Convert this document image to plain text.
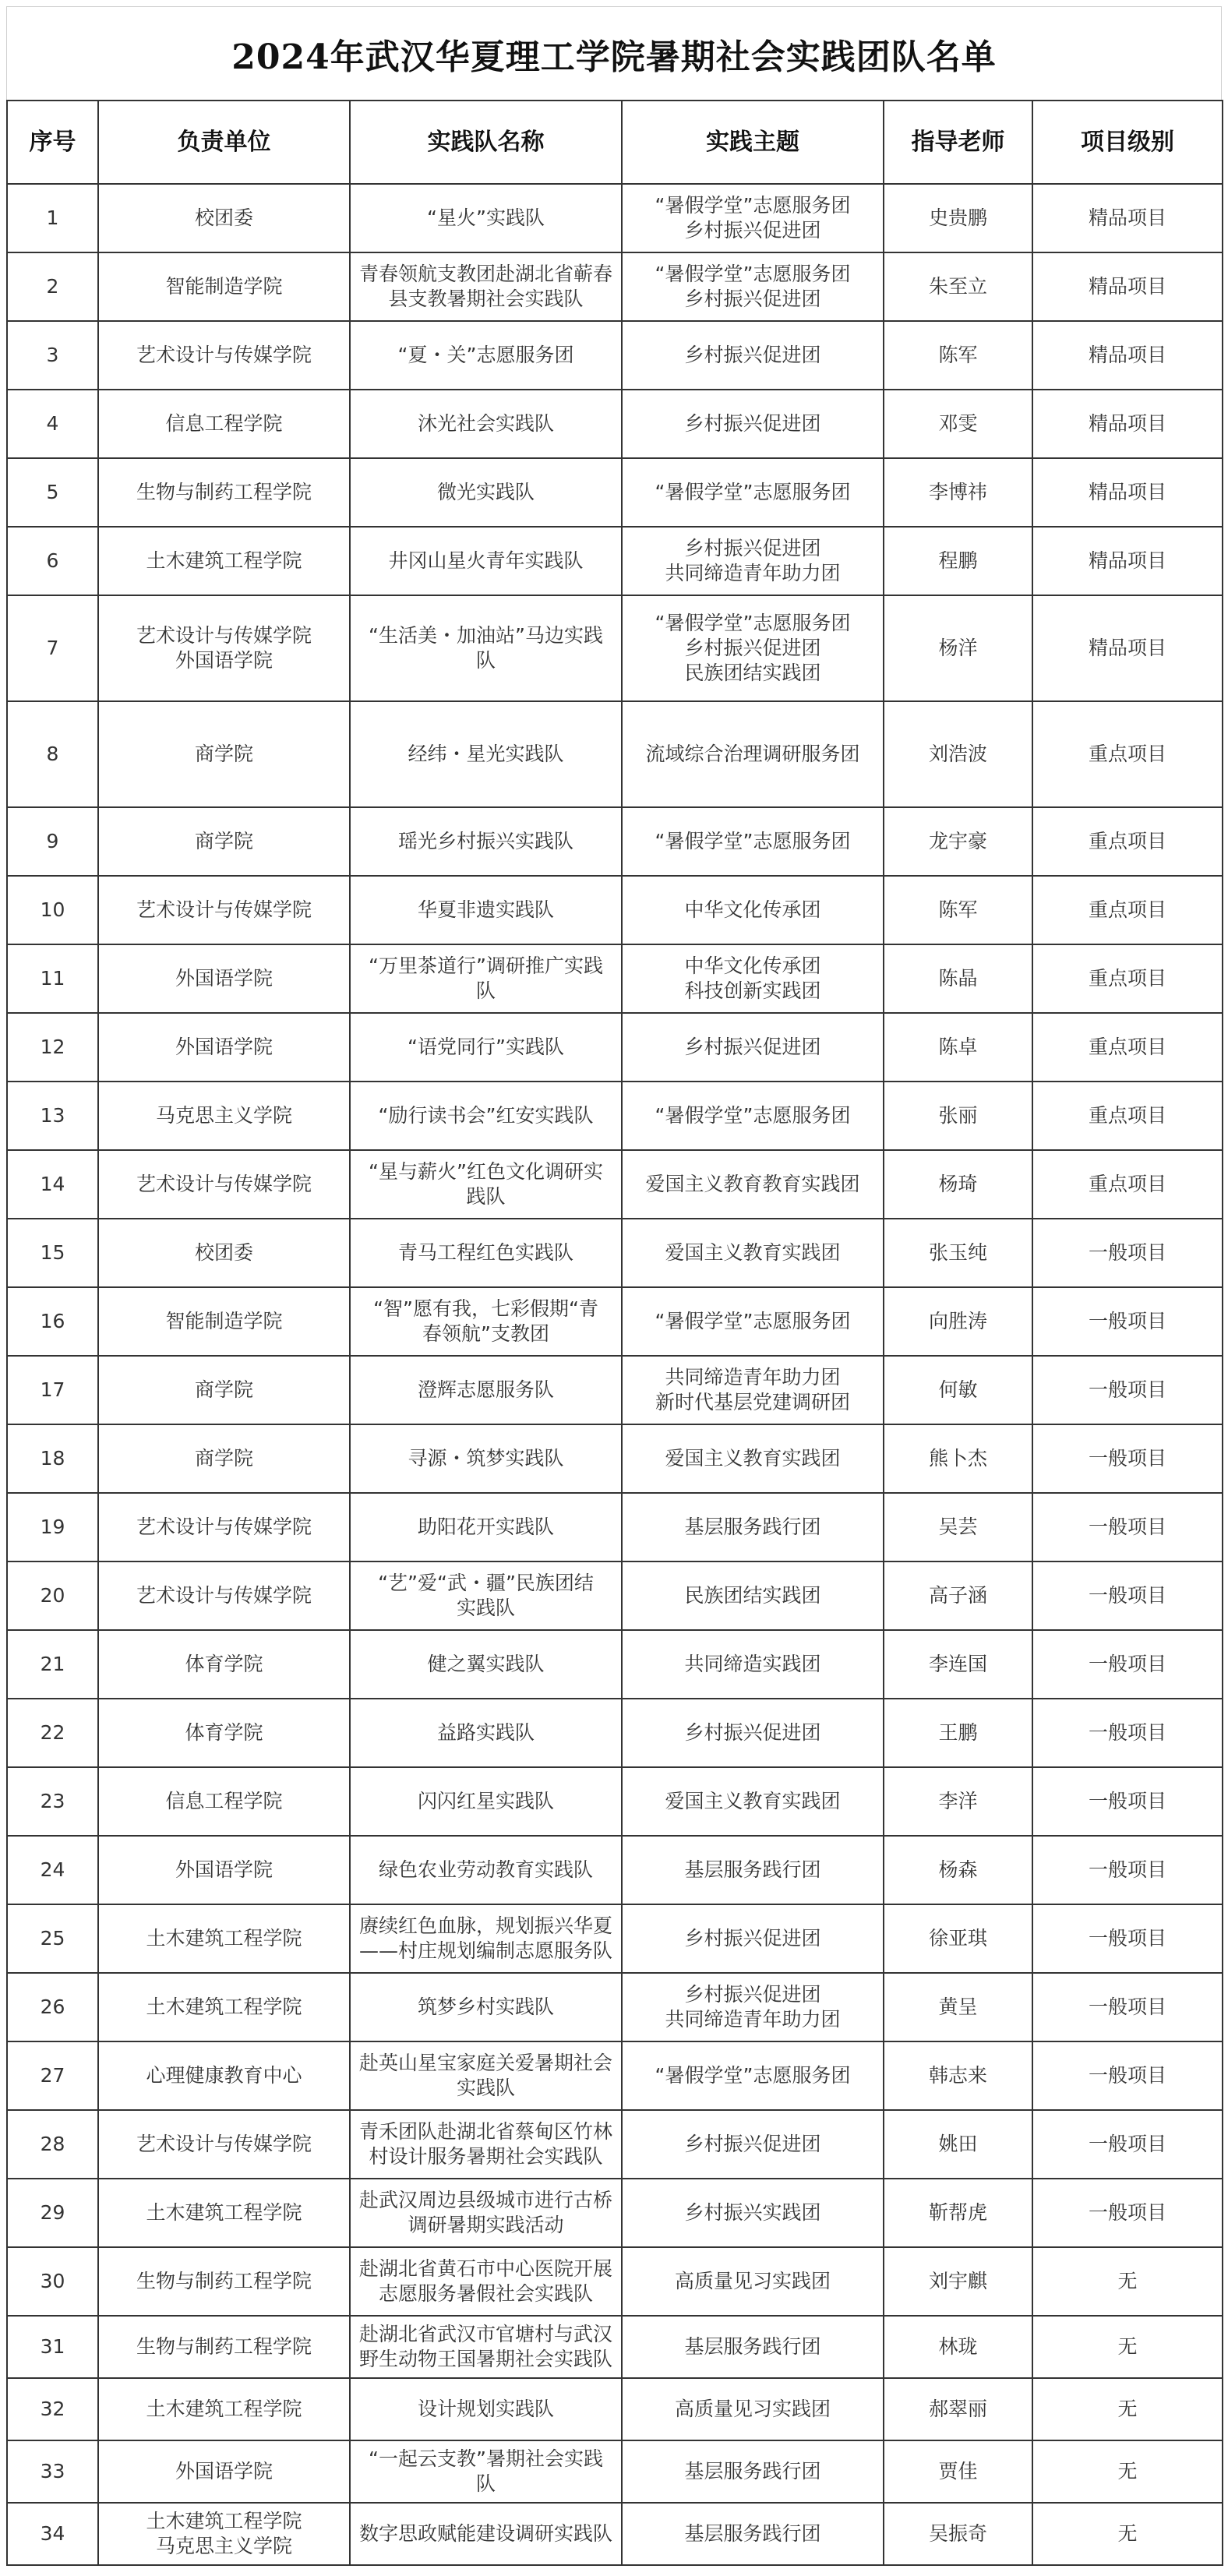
2024年武汉华夏理工学院暑期社会实践团队名单
序号	负责单位	实践队名称	实践主题	指导老师	项目级别
1	校团委	“星火”实践队	“暑假学堂”志愿服务团
乡村振兴促进团	史贵鹏	精品项目
2	智能制造学院	青春领航支教团赴湖北省蕲春
县支教暑期社会实践队	“暑假学堂”志愿服务团
乡村振兴促进团	朱至立	精品项目
3	艺术设计与传媒学院	“夏・关”志愿服务团	乡村振兴促进团	陈军	精品项目
4	信息工程学院	沐光社会实践队	乡村振兴促进团	邓雯	精品项目
5	生物与制药工程学院	微光实践队	“暑假学堂”志愿服务团	李博祎	精品项目
6	土木建筑工程学院	井冈山星火青年实践队	乡村振兴促进团
共同缔造青年助力团	程鹏	精品项目
7	艺术设计与传媒学院
外国语学院	“生活美・加油站”马边实践
队	“暑假学堂”志愿服务团
乡村振兴促进团
民族团结实践团	杨洋	精品项目
8	商学院	经纬・星光实践队	流域综合治理调研服务团	刘浩波	重点项目
9	商学院	瑶光乡村振兴实践队	“暑假学堂”志愿服务团	龙宇豪	重点项目
10	艺术设计与传媒学院	华夏非遗实践队	中华文化传承团	陈军	重点项目
11	外国语学院	“万里茶道行”调研推广实践
队	中华文化传承团
科技创新实践团	陈晶	重点项目
12	外国语学院	“语党同行”实践队	乡村振兴促进团	陈卓	重点项目
13	马克思主义学院	“励行读书会”红安实践队	“暑假学堂”志愿服务团	张丽	重点项目
14	艺术设计与传媒学院	“星与薪火”红色文化调研实
践队	爱国主义教育教育实践团	杨琦	重点项目
15	校团委	青马工程红色实践队	爱国主义教育实践团	张玉纯	一般项目
16	智能制造学院	“智”愿有我，七彩假期“青
春领航”支教团	“暑假学堂”志愿服务团	向胜涛	一般项目
17	商学院	澄辉志愿服务队	共同缔造青年助力团
新时代基层党建调研团	何敏	一般项目
18	商学院	寻源・筑梦实践队	爱国主义教育实践团	熊卜杰	一般项目
19	艺术设计与传媒学院	助阳花开实践队	基层服务践行团	吴芸	一般项目
20	艺术设计与传媒学院	“艺”爱“武・疆”民族团结
实践队	民族团结实践团	高子涵	一般项目
21	体育学院	健之翼实践队	共同缔造实践团	李连国	一般项目
22	体育学院	益路实践队	乡村振兴促进团	王鹏	一般项目
23	信息工程学院	闪闪红星实践队	爱国主义教育实践团	李洋	一般项目
24	外国语学院	绿色农业劳动教育实践队	基层服务践行团	杨森	一般项目
25	土木建筑工程学院	赓续红色血脉，规划振兴华夏
——村庄规划编制志愿服务队	乡村振兴促进团	徐亚琪	一般项目
26	土木建筑工程学院	筑梦乡村实践队	乡村振兴促进团
共同缔造青年助力团	黄呈	一般项目
27	心理健康教育中心	赴英山星宝家庭关爱暑期社会
实践队	“暑假学堂”志愿服务团	韩志来	一般项目
28	艺术设计与传媒学院	青禾团队赴湖北省蔡甸区竹林
村设计服务暑期社会实践队	乡村振兴促进团	姚田	一般项目
29	土木建筑工程学院	赴武汉周边县级城市进行古桥
调研暑期实践活动	乡村振兴实践团	靳帮虎	一般项目
30	生物与制药工程学院	赴湖北省黄石市中心医院开展
志愿服务暑假社会实践队	高质量见习实践团	刘宇麒	无
31	生物与制药工程学院	赴湖北省武汉市官塘村与武汉
野生动物王国暑期社会实践队	基层服务践行团	林珑	无
32	土木建筑工程学院	设计规划实践队	高质量见习实践团	郝翠丽	无
33	外国语学院	“一起云支教”暑期社会实践
队	基层服务践行团	贾佳	无
34	土木建筑工程学院
马克思主义学院	数字思政赋能建设调研实践队	基层服务践行团	吴振奇	无
